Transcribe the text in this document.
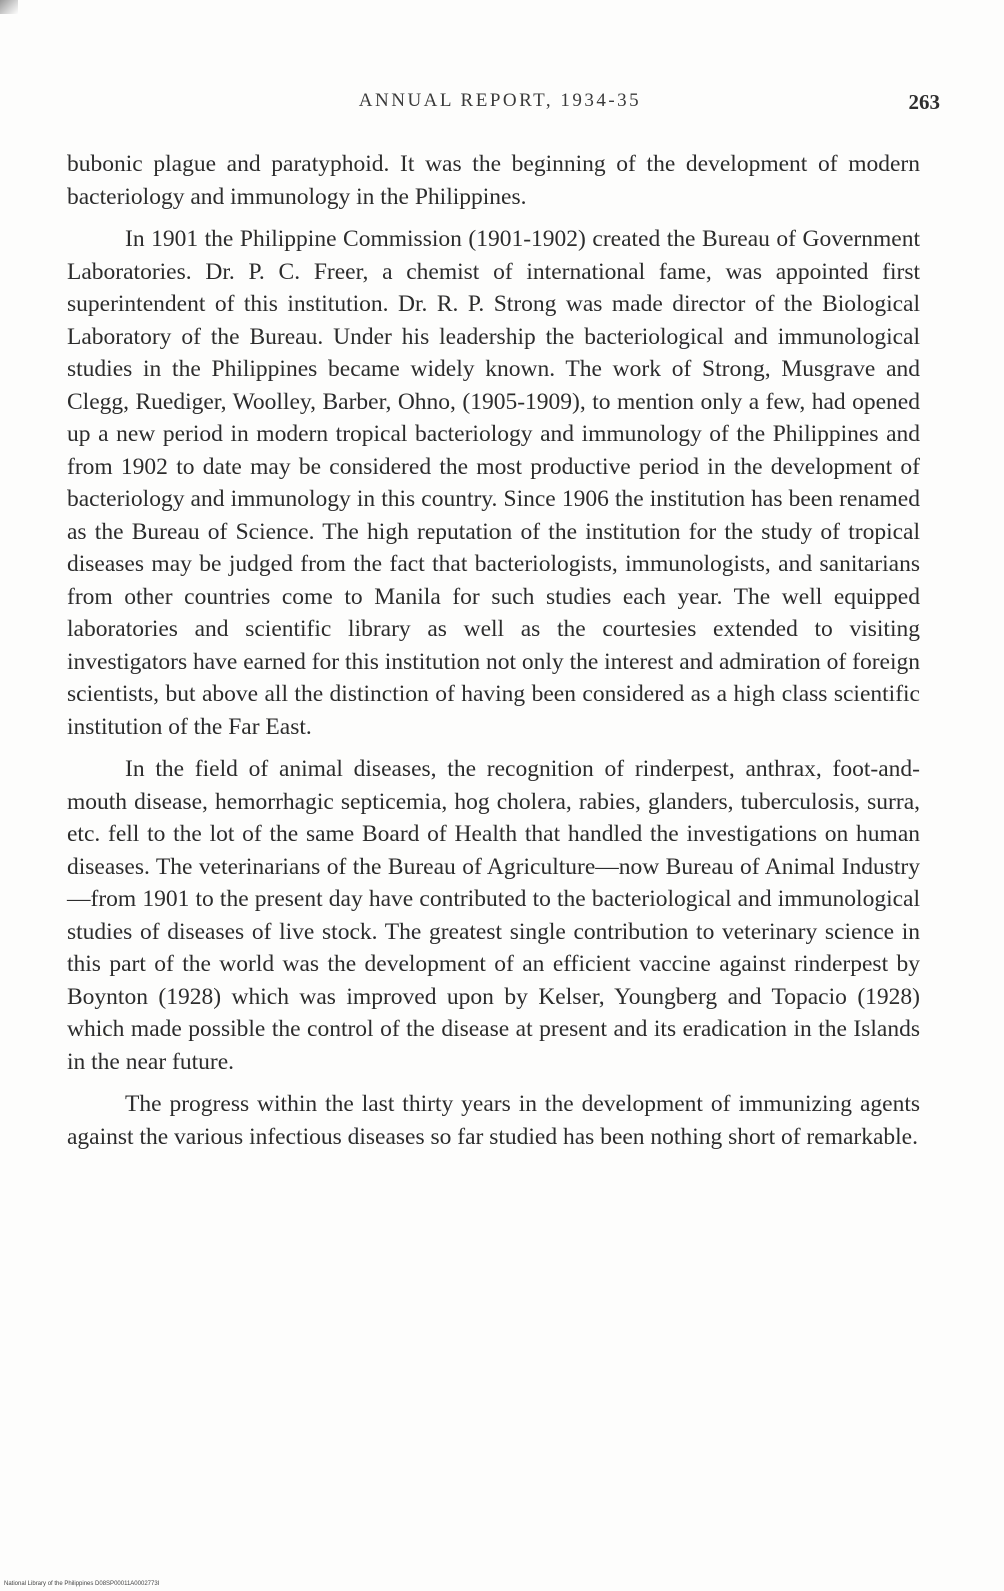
ANNUAL REPORT, 1934-35	263

bubonic plague and paratyphoid. It was the beginning of the development of modern bacteriology and immunology in the Philippines.

In 1901 the Philippine Commission (1901-1902) created the Bureau of Government Laboratories. Dr. P. C. Freer, a chemist of international fame, was appointed first superintendent of this institution. Dr. R. P. Strong was made director of the Biological Laboratory of the Bureau. Under his leadership the bacteriological and immunological studies in the Philippines became widely known. The work of Strong, Musgrave and Clegg, Ruediger, Woolley, Barber, Ohno, (1905-1909), to mention only a few, had opened up a new period in modern tropical bacteriology and immunology of the Philippines and from 1902 to date may be considered the most productive period in the development of bacteriology and immunology in this country. Since 1906 the institution has been renamed as the Bureau of Science. The high reputation of the institution for the study of tropical diseases may be judged from the fact that bacteriologists, immunologists, and sanitarians from other countries come to Manila for such studies each year. The well equipped laboratories and scientific library as well as the courtesies extended to visiting investigators have earned for this institution not only the interest and admiration of foreign scientists, but above all the distinction of having been considered as a high class scientific institution of the Far East.

In the field of animal diseases, the recognition of rinderpest, anthrax, foot-and-mouth disease, hemorrhagic septicemia, hog cholera, rabies, glanders, tuberculosis, surra, etc. fell to the lot of the same Board of Health that handled the investigations on human diseases. The veterinarians of the Bureau of Agriculture—now Bureau of Animal Industry—from 1901 to the present day have contributed to the bacteriological and immunological studies of diseases of live stock. The greatest single contribution to veterinary science in this part of the world was the development of an efficient vaccine against rinderpest by Boynton (1928) which was improved upon by Kelser, Youngberg and Topacio (1928) which made possible the control of the disease at present and its eradication in the Islands in the near future.

The progress within the last thirty years in the development of immunizing agents against the various infectious diseases so far studied has been nothing short of remarkable.

National Library of the Philippines D08SP00011A0002773I
